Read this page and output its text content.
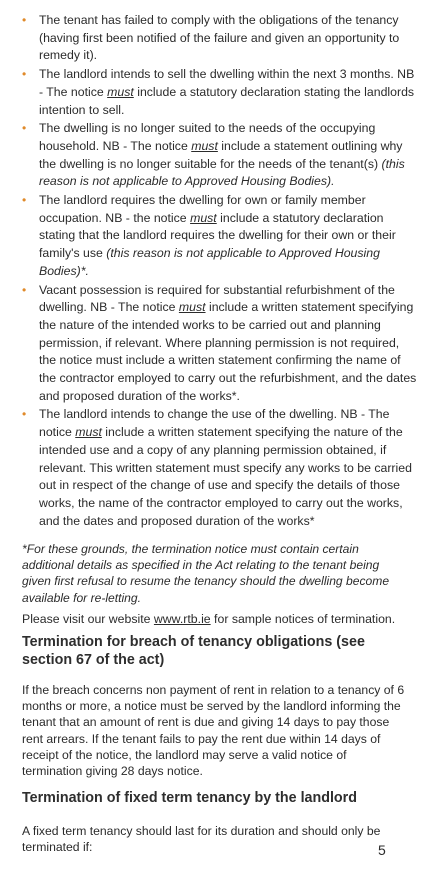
• The tenant has failed to comply with the obligations of the tenancy (having first been notified of the failure and given an opportunity to remedy it).
• The landlord intends to sell the dwelling within the next 3 months. NB - The notice must include a statutory declaration stating the landlords intention to sell.
• The dwelling is no longer suited to the needs of the occupying household. NB - The notice must include a statement outlining why the dwelling is no longer suitable for the needs of the tenant(s) (this reason is not applicable to Approved Housing Bodies).
• The landlord requires the dwelling for own or family member occupation. NB - the notice must include a statutory declaration stating that the landlord requires the dwelling for their own or their family's use (this reason is not applicable to Approved Housing Bodies)*.
• Vacant possession is required for substantial refurbishment of the dwelling. NB - The notice must include a written statement specifying the nature of the intended works to be carried out and planning permission, if relevant. Where planning permission is not required, the notice must include a written statement confirming the name of the contractor employed to carry out the refurbishment, and the dates and proposed duration of the works*.
• The landlord intends to change the use of the dwelling. NB - The notice must include a written statement specifying the nature of the intended use and a copy of any planning permission obtained, if relevant. This written statement must specify any works to be carried out in respect of the change of use and specify the details of those works, the name of the contractor employed to carry out the works, and the dates and proposed duration of the works*

*For these grounds, the termination notice must contain certain additional details as specified in the Act relating to the tenant being given first refusal to resume the tenancy should the dwelling become available for re-letting.

Please visit our website www.rtb.ie for sample notices of termination.

Termination for breach of tenancy obligations (see section 67 of the act)

If the breach concerns non payment of rent in relation to a tenancy of 6 months or more, a notice must be served by the landlord informing the tenant that an amount of rent is due and giving 14 days to pay those rent arrears. If the tenant fails to pay the rent due within 14 days of receipt of the notice, the landlord may serve a valid notice of termination giving 28 days notice.

Termination of fixed term tenancy by the landlord

A fixed term tenancy should last for its duration and should only be terminated if:	5
